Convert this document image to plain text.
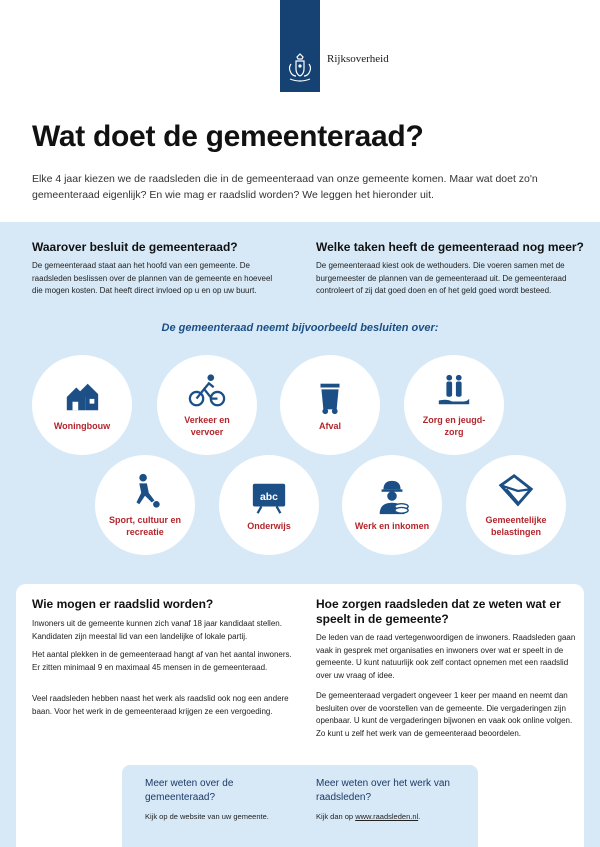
Rijksoverheid
Wat doet de gemeenteraad?

Elke 4 jaar kiezen we de raadsleden die in de gemeenteraad van onze gemeente komen. Maar wat doet zo'n gemeenteraad eigenlijk? En wie mag er raadslid worden? We leggen het hieronder uit.

Waarover besluit de gemeenteraad?

De gemeenteraad staat aan het hoofd van een gemeente. De raadsleden beslissen over de plannen van de gemeente en hoeveel die mogen kosten. Dat heeft direct invloed op u en op uw buurt.

Welke taken heeft de gemeenteraad nog meer?

De gemeenteraad kiest ook de wethouders. Die voeren samen met de burgemeester de plannen van de gemeenteraad uit. De gemeenteraad controleert of zij dat goed doen en of het geld goed wordt besteed.

De gemeenteraad neemt bijvoorbeeld besluiten over:
Woningbouw
Verkeer en vervoer
Afval
Zorg en jeugd-zorg
Sport, cultuur en recreatie
abc
Onderwijs	Werk en inkomen
Gemeentelijke belastingen
Wie mogen er raadslid worden?

Inwoners uit de gemeente kunnen zich vanaf 18 jaar kandidaat stellen. Kandidaten zijn meestal lid van een landelijke of lokale partij.

Het aantal plekken in de gemeenteraad hangt af van het aantal inwoners. Er zitten minimaal 9 en maximaal 45 mensen in de gemeenteraad.

Veel raadsleden hebben naast het werk als raadslid ook nog een andere baan. Voor het werk in de gemeenteraad krijgen ze een vergoeding.

Hoe zorgen raadsleden dat ze weten wat er speelt in de gemeente?

De leden van de raad vertegenwoordigen de inwoners. Raadsleden gaan vaak in gesprek met organisaties en inwoners over wat er speelt in de gemeente. U kunt natuurlijk ook zelf contact opnemen met een raadslid over uw vraag of idee.

De gemeenteraad vergadert ongeveer 1 keer per maand en neemt dan besluiten over de voorstellen van de gemeente. Die vergaderingen zijn openbaar. U kunt de vergaderingen bijwonen en vaak ook online volgen. Zo kunt u zelf het werk van de gemeenteraad beoordelen.

Meer weten over de gemeenteraad?
Kijk op de website van uw gemeente.
Meer weten over het werk van raadsleden?
Kijk dan op www.raadsleden.nl.
